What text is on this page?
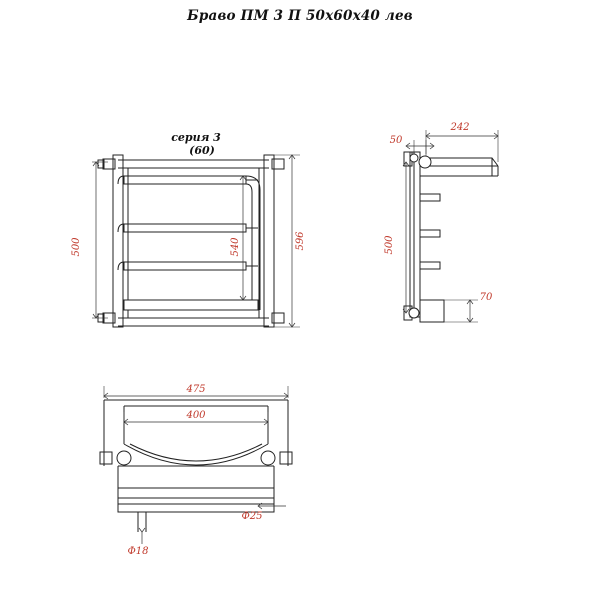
Браво ПМ 3 П 50х60х40 лев
500	540	596
серия 3
(60)
50
242
500
70
475
400
Ф25
Ф18
